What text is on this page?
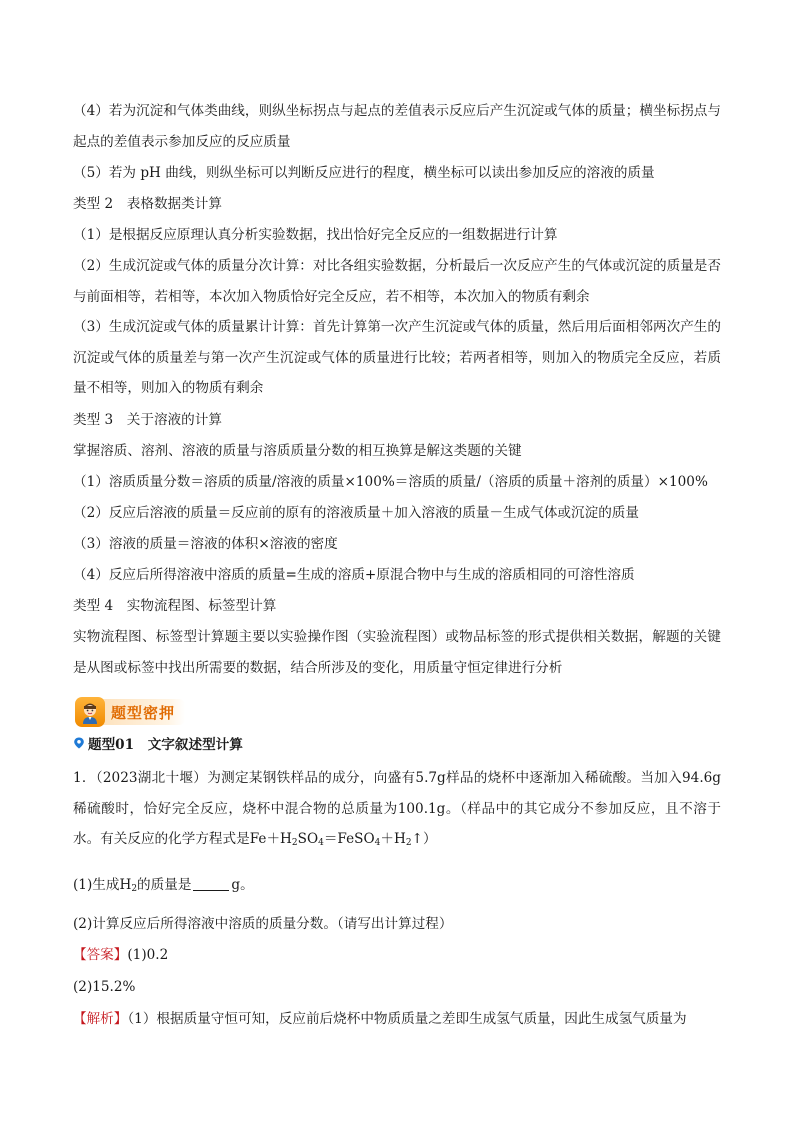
（4）若为沉淀和气体类曲线，则纵坐标拐点与起点的差值表示反应后产生沉淀或气体的质量；横坐标拐点与起点的差值表示参加反应的反应质量
（5）若为 pH 曲线，则纵坐标可以判断反应进行的程度，横坐标可以读出参加反应的溶液的质量
类型 2　表格数据类计算
（1）是根据反应原理认真分析实验数据，找出恰好完全反应的一组数据进行计算
（2）生成沉淀或气体的质量分次计算：对比各组实验数据，分析最后一次反应产生的气体或沉淀的质量是否与前面相等，若相等，本次加入物质恰好完全反应，若不相等，本次加入的物质有剩余
（3）生成沉淀或气体的质量累计计算：首先计算第一次产生沉淀或气体的质量，然后用后面相邻两次产生的沉淀或气体的质量差与第一次产生沉淀或气体的质量进行比较；若两者相等，则加入的物质完全反应，若质量不相等，则加入的物质有剩余
类型 3　关于溶液的计算
掌握溶质、溶剂、溶液的质量与溶质质量分数的相互换算是解这类题的关键
（1）溶质质量分数＝溶质的质量/溶液的质量×100%＝溶质的质量/（溶质的质量＋溶剂的质量）×100%
（2）反应后溶液的质量＝反应前的原有的溶液质量＋加入溶液的质量－生成气体或沉淀的质量
（3）溶液的质量＝溶液的体积×溶液的密度
（4）反应后所得溶液中溶质的质量=生成的溶质+原混合物中与生成的溶质相同的可溶性溶质
类型 4　实物流程图、标签型计算
实物流程图、标签型计算题主要以实验操作图（实验流程图）或物品标签的形式提供相关数据，解题的关键是从图或标签中找出所需要的数据，结合所涉及的变化，用质量守恒定律进行分析
题型密押
题型01　文字叙述型计算
1．（2023湖北十堰）为测定某钢铁样品的成分，向盛有5.7g样品的烧杯中逐渐加入稀硫酸。当加入94.6g稀硫酸时，恰好完全反应，烧杯中混合物的总质量为100.1g。（样品中的其它成分不参加反应，且不溶于水。有关反应的化学方程式是$Fe+H_2SO_4=FeSO_4+H_2↑$）
(1)生成$H_2$的质量是	g。
(2)计算反应后所得溶液中溶质的质量分数。（请写出计算过程）
【答案】(1)0.2
(2)15.2%
【解析】（1）根据质量守恒可知，反应前后烧杯中物质质量之差即生成氢气质量，因此生成氢气质量为
